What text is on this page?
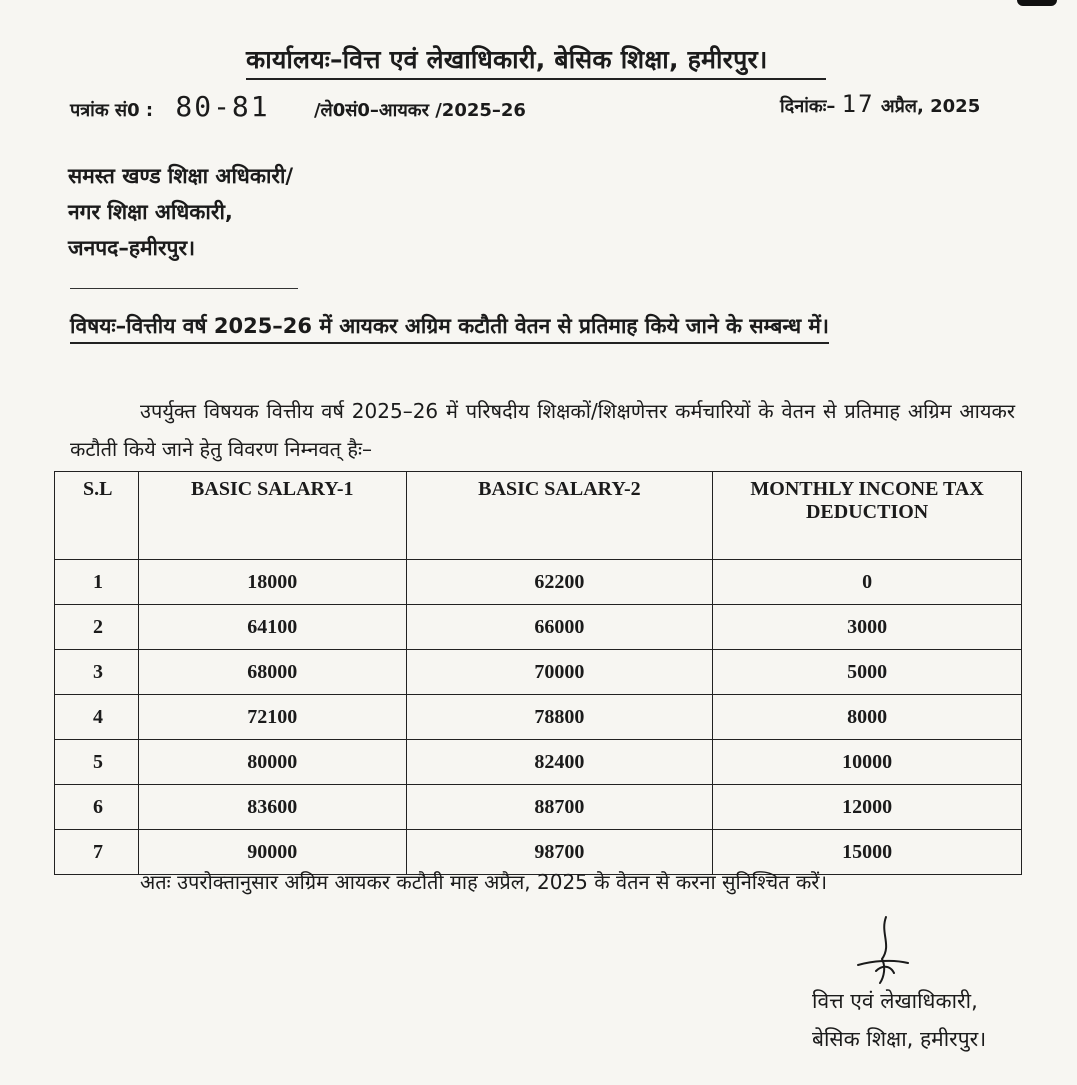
कार्यालयः–वित्त एवं लेखाधिकारी, बेसिक शिक्षा, हमीरपुर।
पत्रांक सं0 : 80-81 /ले0सं0–आयकर /2025–26	दिनांकः– 17 अप्रैल, 2025
समस्त खण्ड शिक्षा अधिकारी/
नगर शिक्षा अधिकारी,
जनपद–हमीरपुर।
विषयः–वित्तीय वर्ष 2025–26 में आयकर अग्रिम कटौती वेतन से प्रतिमाह किये जाने के सम्बन्ध में।
उपर्युक्त विषयक वित्तीय वर्ष 2025–26 में परिषदीय शिक्षकों/शिक्षणेत्तर कर्मचारियों के वेतन से प्रतिमाह अग्रिम आयकर कटौती किये जाने हेतु विवरण निम्नवत् हैः–
S.L	BASIC SALARY-1	BASIC SALARY-2	MONTHLY INCONE TAX DEDUCTION
1	18000	62200	0
2	64100	66000	3000
3	68000	70000	5000
4	72100	78800	8000
5	80000	82400	10000
6	83600	88700	12000
7	90000	98700	15000
अतः उपरोक्तानुसार अग्रिम आयकर कटौती माह अप्रैल, 2025 के वेतन से करना सुनिश्चित करें।
वित्त एवं लेखाधिकारी,
बेसिक शिक्षा, हमीरपुर।
